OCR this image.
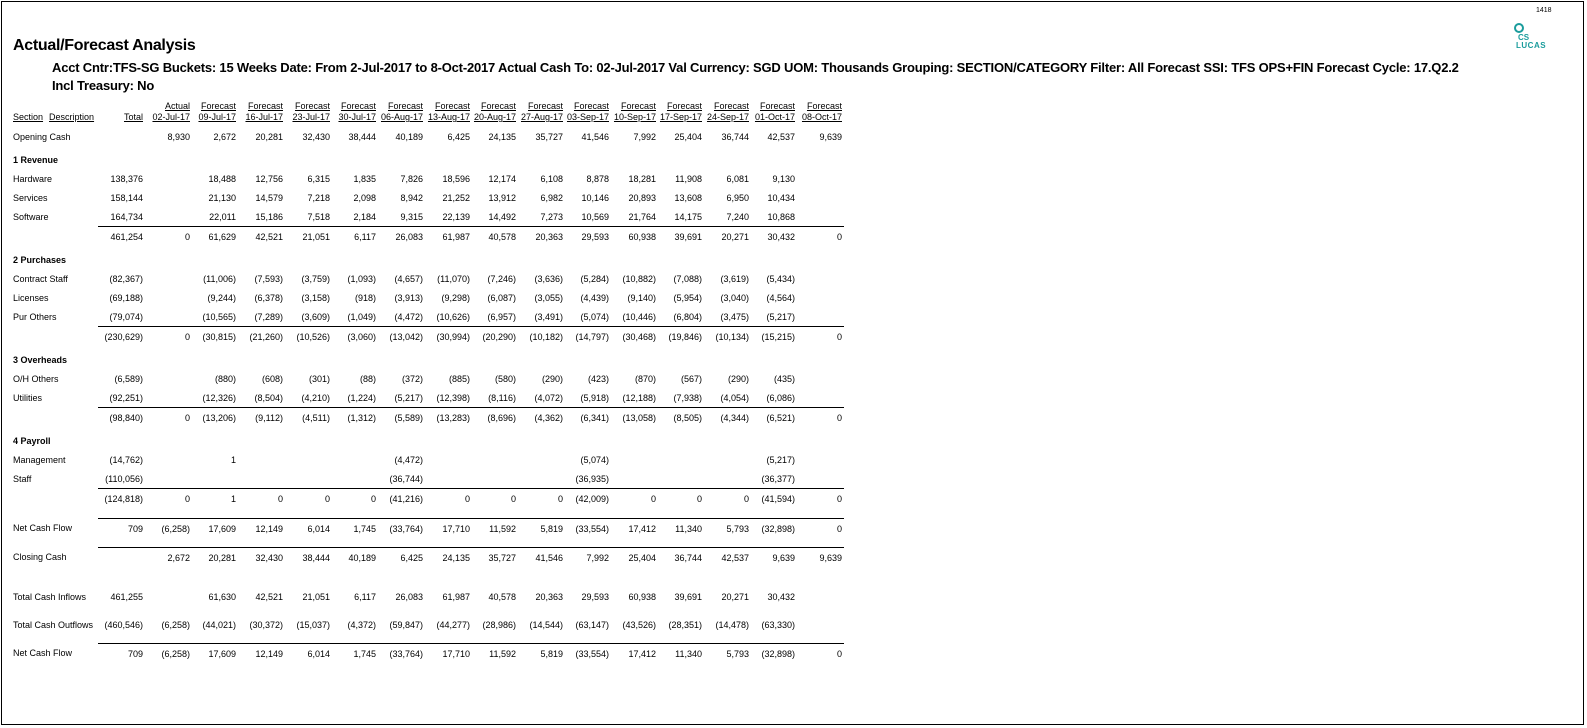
1418
CS
LUCAS
Actual/Forecast Analysis
Acct Cntr:TFS-SG Buckets: 15 Weeks Date: From 2-Jul-2017 to 8-Oct-2017 Actual Cash To: 02-Jul-2017 Val Currency: SGD UOM: Thousands Grouping: SECTION/CATEGORY Filter: All Forecast SSI: TFS OPS+FIN Forecast Cycle: 17.Q2.2
Incl Treasury: No
		Actual	Forecast	Forecast	Forecast	Forecast	Forecast	Forecast	Forecast	Forecast	Forecast	Forecast	Forecast	Forecast	Forecast	Forecast
Section Description	Total	02-Jul-17	09-Jul-17	16-Jul-17	23-Jul-17	30-Jul-17	06-Aug-17	13-Aug-17	20-Aug-17	27-Aug-17	03-Sep-17	10-Sep-17	17-Sep-17	24-Sep-17	01-Oct-17	08-Oct-17
Opening Cash		8,930	2,672	20,281	32,430	38,444	40,189	6,425	24,135	35,727	41,546	7,992	25,404	36,744	42,537	9,639

1 Revenue																
Hardware	138,376		18,488	12,756	6,315	1,835	7,826	18,596	12,174	6,108	8,878	18,281	11,908	6,081	9,130	
Services	158,144		21,130	14,579	7,218	2,098	8,942	21,252	13,912	6,982	10,146	20,893	13,608	6,950	10,434	
Software	164,734		22,011	15,186	7,518	2,184	9,315	22,139	14,492	7,273	10,569	21,764	14,175	7,240	10,868	
	461,254	0	61,629	42,521	21,051	6,117	26,083	61,987	40,578	20,363	29,593	60,938	39,691	20,271	30,432	0

2 Purchases																
Contract Staff	(82,367)		(11,006)	(7,593)	(3,759)	(1,093)	(4,657)	(11,070)	(7,246)	(3,636)	(5,284)	(10,882)	(7,088)	(3,619)	(5,434)	
Licenses	(69,188)		(9,244)	(6,378)	(3,158)	(918)	(3,913)	(9,298)	(6,087)	(3,055)	(4,439)	(9,140)	(5,954)	(3,040)	(4,564)	
Pur Others	(79,074)		(10,565)	(7,289)	(3,609)	(1,049)	(4,472)	(10,626)	(6,957)	(3,491)	(5,074)	(10,446)	(6,804)	(3,475)	(5,217)	
	(230,629)	0	(30,815)	(21,260)	(10,526)	(3,060)	(13,042)	(30,994)	(20,290)	(10,182)	(14,797)	(30,468)	(19,846)	(10,134)	(15,215)	0

3 Overheads																
O/H Others	(6,589)		(880)	(608)	(301)	(88)	(372)	(885)	(580)	(290)	(423)	(870)	(567)	(290)	(435)	
Utilities	(92,251)		(12,326)	(8,504)	(4,210)	(1,224)	(5,217)	(12,398)	(8,116)	(4,072)	(5,918)	(12,188)	(7,938)	(4,054)	(6,086)	
	(98,840)	0	(13,206)	(9,112)	(4,511)	(1,312)	(5,589)	(13,283)	(8,696)	(4,362)	(6,341)	(13,058)	(8,505)	(4,344)	(6,521)	0

4 Payroll																
Management	(14,762)		1				(4,472)				(5,074)				(5,217)	
Staff	(110,056)						(36,744)				(36,935)				(36,377)	
	(124,818)	0	1	0	0	0	(41,216)	0	0	0	(42,009)	0	0	0	(41,594)	0

Net Cash Flow	709	(6,258)	17,609	12,149	6,014	1,745	(33,764)	17,710	11,592	5,819	(33,554)	17,412	11,340	5,793	(32,898)	0

Closing Cash		2,672	20,281	32,430	38,444	40,189	6,425	24,135	35,727	41,546	7,992	25,404	36,744	42,537	9,639	9,639

Total Cash Inflows	461,255		61,630	42,521	21,051	6,117	26,083	61,987	40,578	20,363	29,593	60,938	39,691	20,271	30,432	

Total Cash Outflows	(460,546)	(6,258)	(44,021)	(30,372)	(15,037)	(4,372)	(59,847)	(44,277)	(28,986)	(14,544)	(63,147)	(43,526)	(28,351)	(14,478)	(63,330)	

Net Cash Flow	709	(6,258)	17,609	12,149	6,014	1,745	(33,764)	17,710	11,592	5,819	(33,554)	17,412	11,340	5,793	(32,898)	0
